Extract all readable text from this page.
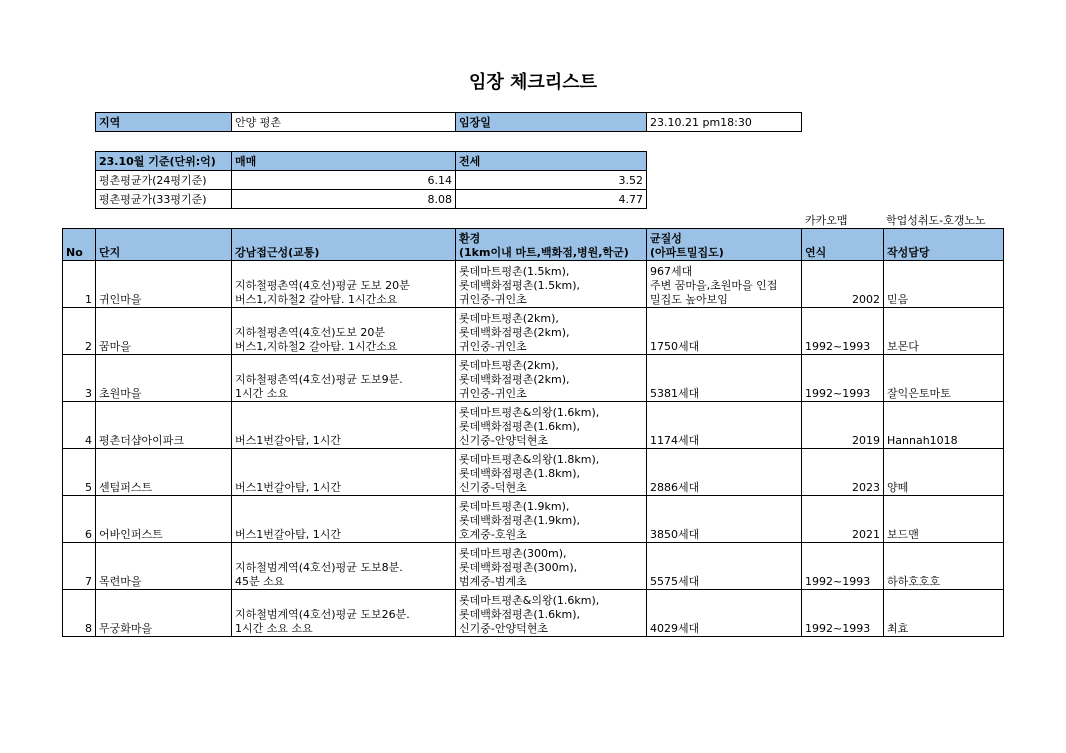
임장 체크리스트
지역	안양 평촌	임장일	23.10.21 pm18:30
23.10월 기준(단위:억)	매매	전세
평촌평균가(24평기준)	6.14	3.52
평촌평균가(33평기준)	8.08	4.77
카카오맵	학업성취도-호갱노노
No	단지	강남접근성(교통)	환경
(1km이내 마트,백화점,병원,학군)	균질성
(아파트밀집도)	연식	작성담당
1	귀인마을	지하철평촌역(4호선)평균 도보 20분
버스1,지하철2 갈아탐. 1시간소요	롯데마트평촌(1.5km),
롯데백화점평촌(1.5km),
귀인중-귀인초	967세대
주변 꿈마을,초원마을 인접
밀집도 높아보임	2002	믿음
2	꿈마을	지하철평촌역(4호선)도보 20분
버스1,지하철2 갈아탐. 1시간소요	롯데마트평촌(2km),
롯데백화점평촌(2km),
귀인중-귀인초	1750세대	1992~1993	보몬다
3	초원마을	지하철평촌역(4호선)평균 도보9분.
1시간 소요	롯데마트평촌(2km),
롯데백화점평촌(2km),
귀인중-귀인초	5381세대	1992~1993	잘익은토마토
4	평촌더샵아이파크	버스1번갈아탐, 1시간	롯데마트평촌&의왕(1.6km),
롯데백화점평촌(1.6km),
신기중-안양덕현초	1174세대	2019	Hannah1018
5	센텀퍼스트	버스1번갈아탐, 1시간	롯데마트평촌&의왕(1.8km),
롯데백화점평촌(1.8km),
신기중-덕현초	2886세대	2023	양떼
6	어바인퍼스트	버스1번갈아탐, 1시간	롯데마트평촌(1.9km),
롯데백화점평촌(1.9km),
호계중-호원초	3850세대	2021	보드맨
7	목련마을	지하철범계역(4호선)평균 도보8분.
45분 소요	롯데마트평촌(300m),
롯데백화점평촌(300m),
범계중-범계초	5575세대	1992~1993	하하호호호
8	무궁화마을	지하철범계역(4호선)평균 도보26분.
1시간 소요 소요	롯데마트평촌&의왕(1.6km),
롯데백화점평촌(1.6km),
신기중-안양덕현초	4029세대	1992~1993	최효
